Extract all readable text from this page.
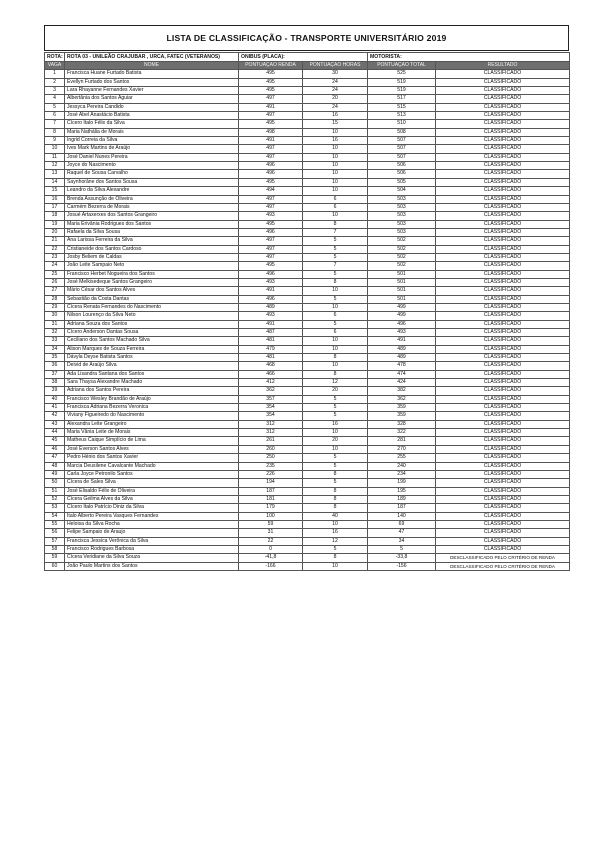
LISTA DE CLASSIFICAÇÃO - TRANSPORTE UNIVERSITÁRIO 2019
ROTA:	ROTA 03 - UNILEÃO CRAJUBAR , URCA, FATEC (VETERANOS)	ONIBUS (PLACA):		MOTORISTA:	
VAGA	NOME	PONTUAÇÃO RENDA	PONTUAÇÃO HORAS	PONTUAÇÃO TOTAL	RESULTADO
1	Francisca Huane Furtado Batista	495	30	525	CLASSIFICADO
2	Evellyn Furtado dos Santos	495	24	519	CLASSIFICADO
3	Lara Rhayanne Fernandes Xavier	495	24	519	CLASSIFICADO
4	Albertânia dos Santos Aguiar	497	20	517	CLASSIFICADO
5	Jessyca Pereira Candido	491	24	515	CLASSIFICADO
6	José Abel Anastácio Batista	497	16	513	CLASSIFICADO
7	Cícero Ítalo Félix da Silva	495	15	510	CLASSIFICADO
8	Maria Nathália de Morais	498	10	508	CLASSIFICADO
9	Ingrid Correia da Silva	491	16	507	CLASSIFICADO
10	Ives Mark Martins de Araújo	497	10	507	CLASSIFICADO
11	José Daniel Nunes Pereira	497	10	507	CLASSIFICADO
12	Joyce do Nascimento	496	10	506	CLASSIFICADO
13	Raquel de Sousa Carvalho	496	10	506	CLASSIFICADO
14	Saynhorâne dos Santos Sousa	495	10	505	CLASSIFICADO
15	Leandro da Silva Alexandre	494	10	504	CLASSIFICADO
16	Brenda Assunção de Oliveira	497	6	503	CLASSIFICADO
17	Carmém Bezerra de Morais	497	6	503	CLASSIFICADO
18	Josué Artaxerxes dos Santos Grangeiro	493	10	503	CLASSIFICADO
19	Maria Erivânia Rodrigues dos Santos	495	8	503	CLASSIFICADO
20	Rafaela da Silva Sousa	496	7	503	CLASSIFICADO
21	Ana Larissa Ferreira da Silva	497	5	502	CLASSIFICADO
22	Cristianeide dos Santos Cardoso	497	5	502	CLASSIFICADO
23	Josby Beliem de Caldas	497	5	502	CLASSIFICADO
24	João Leite Sampaio Neto	495	7	502	CLASSIFICADO
25	Francisco Herbet Nogueira dos Santos	496	5	501	CLASSIFICADO
26	José Melkisedeque Santos Grangeiro	493	8	501	CLASSIFICADO
27	Mário César dos Santos Alves	491	10	501	CLASSIFICADO
28	Sebastião da Costa Dantas	496	5	501	CLASSIFICADO
29	Cícera Renata Fernandes do Nascimento	489	10	499	CLASSIFICADO
30	Nilson Lourenço da Silva Neto	493	6	499	CLASSIFICADO
31	Adriana Souza dos Santos	491	5	496	CLASSIFICADO
32	Cícero Anderson Dantas Sousa	487	6	493	CLASSIFICADO
33	Ceciliano dos Santos Machado Silva	481	10	491	CLASSIFICADO
34	Alison Marques de Souza Ferreira	479	10	489	CLASSIFICADO
35	Dávyla Deyse Batista Santos	481	8	489	CLASSIFICADO
36	Deivid de Araújo Silva	468	10	478	CLASSIFICADO
37	Ada Lisandra Santana dos Santos	466	8	474	CLASSIFICADO
38	Sara Thaysa Alexandre Machado	412	12	424	CLASSIFICADO
39	Adriana dos Santos Pereira	362	20	382	CLASSIFICADO
40	Francisco Wesley Brandão de Araújo	357	5	362	CLASSIFICADO
41	Francisca Adriana Bezerra Veronica	354	5	359	CLASSIFICADO
42	Viviany Figueiredo do Nascimento	354	5	359	CLASSIFICADO
43	Alexandra Leite Grangeiro	312	16	328	CLASSIFICADO
44	Maria Vânia Leite de Morais	312	10	322	CLASSIFICADO
45	Matheus Caique Simplício de Lima	261	20	281	CLASSIFICADO
46	José Everson Santos Alves	260	10	270	CLASSIFICADO
47	Pedro Hénio dos Santos Xavier	250	5	255	CLASSIFICADO
48	Marcia Deusilene Cavalcante Machado	235	5	240	CLASSIFICADO
49	Carla Joyce Petronilo Santos	226	8	234	CLASSIFICADO
50	Cícera de Sales Silva	194	5	199	CLASSIFICADO
51	José Elisaldo Félix de Oliveira	187	8	195	CLASSIFICADO
52	Cícera Geilma Alves da Silva	181	8	189	CLASSIFICADO
53	Cícero Ítalo Patrício Diniz da Silva	179	8	187	CLASSIFICADO
54	Ítalo Alberto Pereira Vasques Fernandes	100	40	140	CLASSIFICADO
55	Heloisa da Silva Rocha	59	10	69	CLASSIFICADO
56	Felipe Sampaio de Araujo	31	16	47	CLASSIFICADO
57	Francisca Jessica Verônica da Silva	22	12	34	CLASSIFICADO
58	Francisco Rodrigues Barbosa	0	5	5	CLASSIFICADO
59	Cícera Veridiane da Silva Souza	-41,8	8	-33,8	DESCLASSIFICADO PELO CRITÉRIO DE RENDA
60	João Paulo Martins dos Santos	-166	10	-156	DESCLASSIFICADO PELO CRITÉRIO DE RENDA
